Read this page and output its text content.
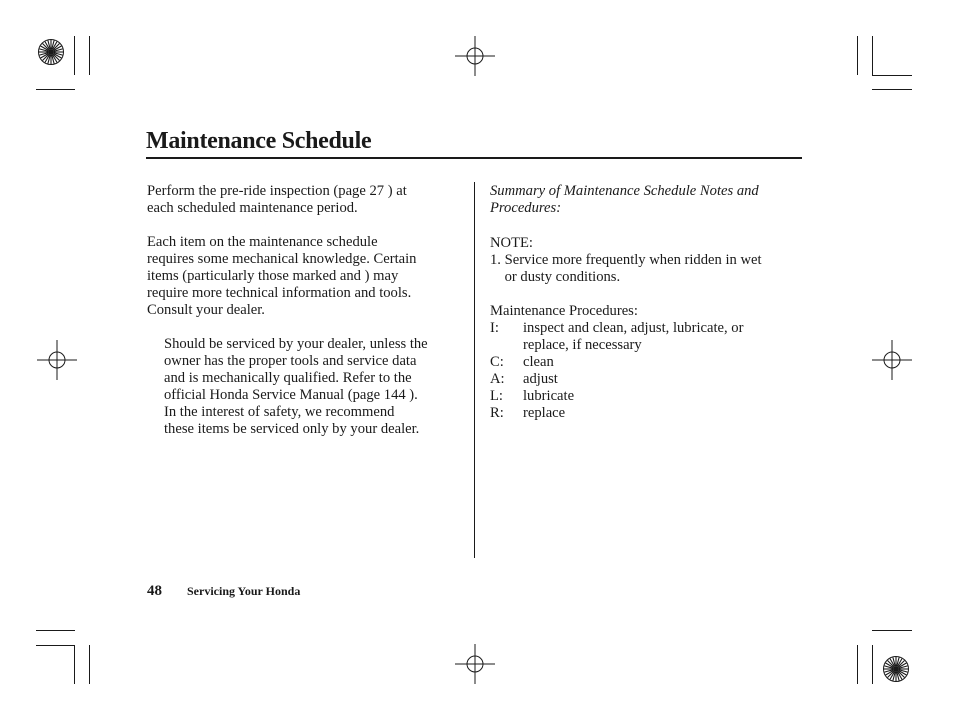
Maintenance Schedule
Perform the pre-ride inspection (page 27 ) at
each scheduled maintenance period.
Each item on the maintenance schedule
requires some mechanical knowledge. Certain
items (particularly those marked and ) may
require more technical information and tools.
Consult your dealer.
Should be serviced by your dealer, unless the
owner has the proper tools and service data
and is mechanically qualified. Refer to the
official Honda Service Manual (page 144 ).
In the interest of safety, we recommend
these items be serviced only by your dealer.
Summary of Maintenance Schedule Notes and
Procedures:
NOTE:
1. Service more frequently when ridden in wet
or dusty conditions.
Maintenance Procedures:
I: inspect and clean, adjust, lubricate, or
replace, if necessary
C: clean
A: adjust
L: lubricate
R: replace
48 Servicing Your Honda
